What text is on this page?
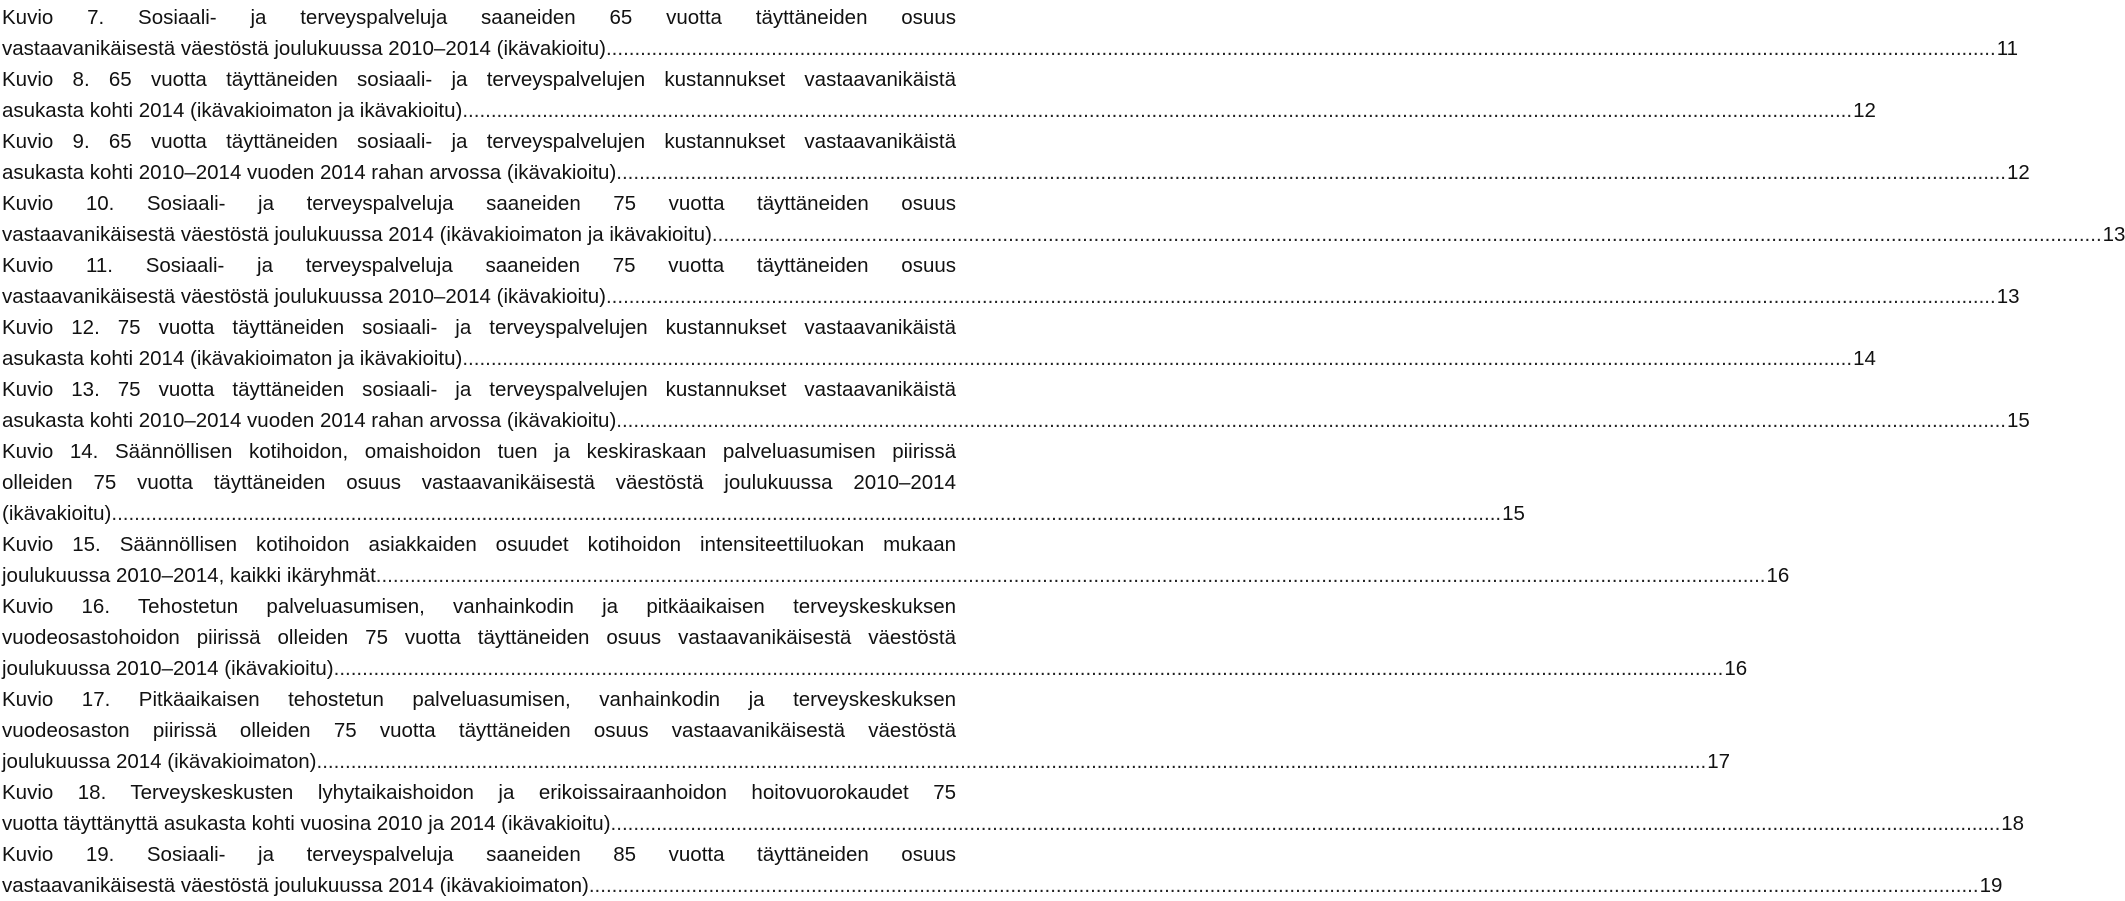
Kuvio 7. Sosiaali- ja terveyspalveluja saaneiden 65 vuotta täyttäneiden osuus
vastaavanikäisestä väestöstä joulukuussa 2010–2014 (ikävakioitu) .....	11
Kuvio 8. 65 vuotta täyttäneiden sosiaali- ja terveyspalvelujen kustannukset vastaavanikäistä
asukasta kohti 2014 (ikävakioimaton ja ikävakioitu) .....	12
Kuvio 9. 65 vuotta täyttäneiden sosiaali- ja terveyspalvelujen kustannukset vastaavanikäistä
asukasta kohti 2010–2014 vuoden 2014 rahan arvossa (ikävakioitu) .....	12
Kuvio 10. Sosiaali- ja terveyspalveluja saaneiden 75 vuotta täyttäneiden osuus
vastaavanikäisestä väestöstä joulukuussa 2014 (ikävakioimaton ja ikävakioitu) .....	13
Kuvio 11. Sosiaali- ja terveyspalveluja saaneiden 75 vuotta täyttäneiden osuus
vastaavanikäisestä väestöstä joulukuussa 2010–2014 (ikävakioitu) .....	13
Kuvio 12. 75 vuotta täyttäneiden sosiaali- ja terveyspalvelujen kustannukset vastaavanikäistä
asukasta kohti 2014 (ikävakioimaton ja ikävakioitu) .....	14
Kuvio 13. 75 vuotta täyttäneiden sosiaali- ja terveyspalvelujen kustannukset vastaavanikäistä
asukasta kohti 2010–2014 vuoden 2014 rahan arvossa (ikävakioitu) .....	15
Kuvio 14. Säännöllisen kotihoidon, omaishoidon tuen ja keskiraskaan palveluasumisen piirissä
olleiden 75 vuotta täyttäneiden osuus vastaavanikäisestä väestöstä joulukuussa 2010–2014
(ikävakioitu) .....	15
Kuvio 15. Säännöllisen kotihoidon asiakkaiden osuudet kotihoidon intensiteettiluokan mukaan
joulukuussa 2010–2014, kaikki ikäryhmät .....	16
Kuvio 16. Tehostetun palveluasumisen, vanhainkodin ja pitkäaikaisen terveyskeskuksen
vuodeosastohoidon piirissä olleiden 75 vuotta täyttäneiden osuus vastaavanikäisestä väestöstä
joulukuussa 2010–2014 (ikävakioitu) .....	16
Kuvio 17. Pitkäaikaisen tehostetun palveluasumisen, vanhainkodin ja terveyskeskuksen
vuodeosaston piirissä olleiden 75 vuotta täyttäneiden osuus vastaavanikäisestä väestöstä
joulukuussa 2014 (ikävakioimaton) .....	17
Kuvio 18. Terveyskeskusten lyhytaikaishoidon ja erikoissairaanhoidon hoitovuorokaudet 75
vuotta täyttänyttä asukasta kohti vuosina 2010 ja 2014 (ikävakioitu) .....	18
Kuvio 19. Sosiaali- ja terveyspalveluja saaneiden 85 vuotta täyttäneiden osuus
vastaavanikäisestä väestöstä joulukuussa 2014 (ikävakioimaton) .....	19
